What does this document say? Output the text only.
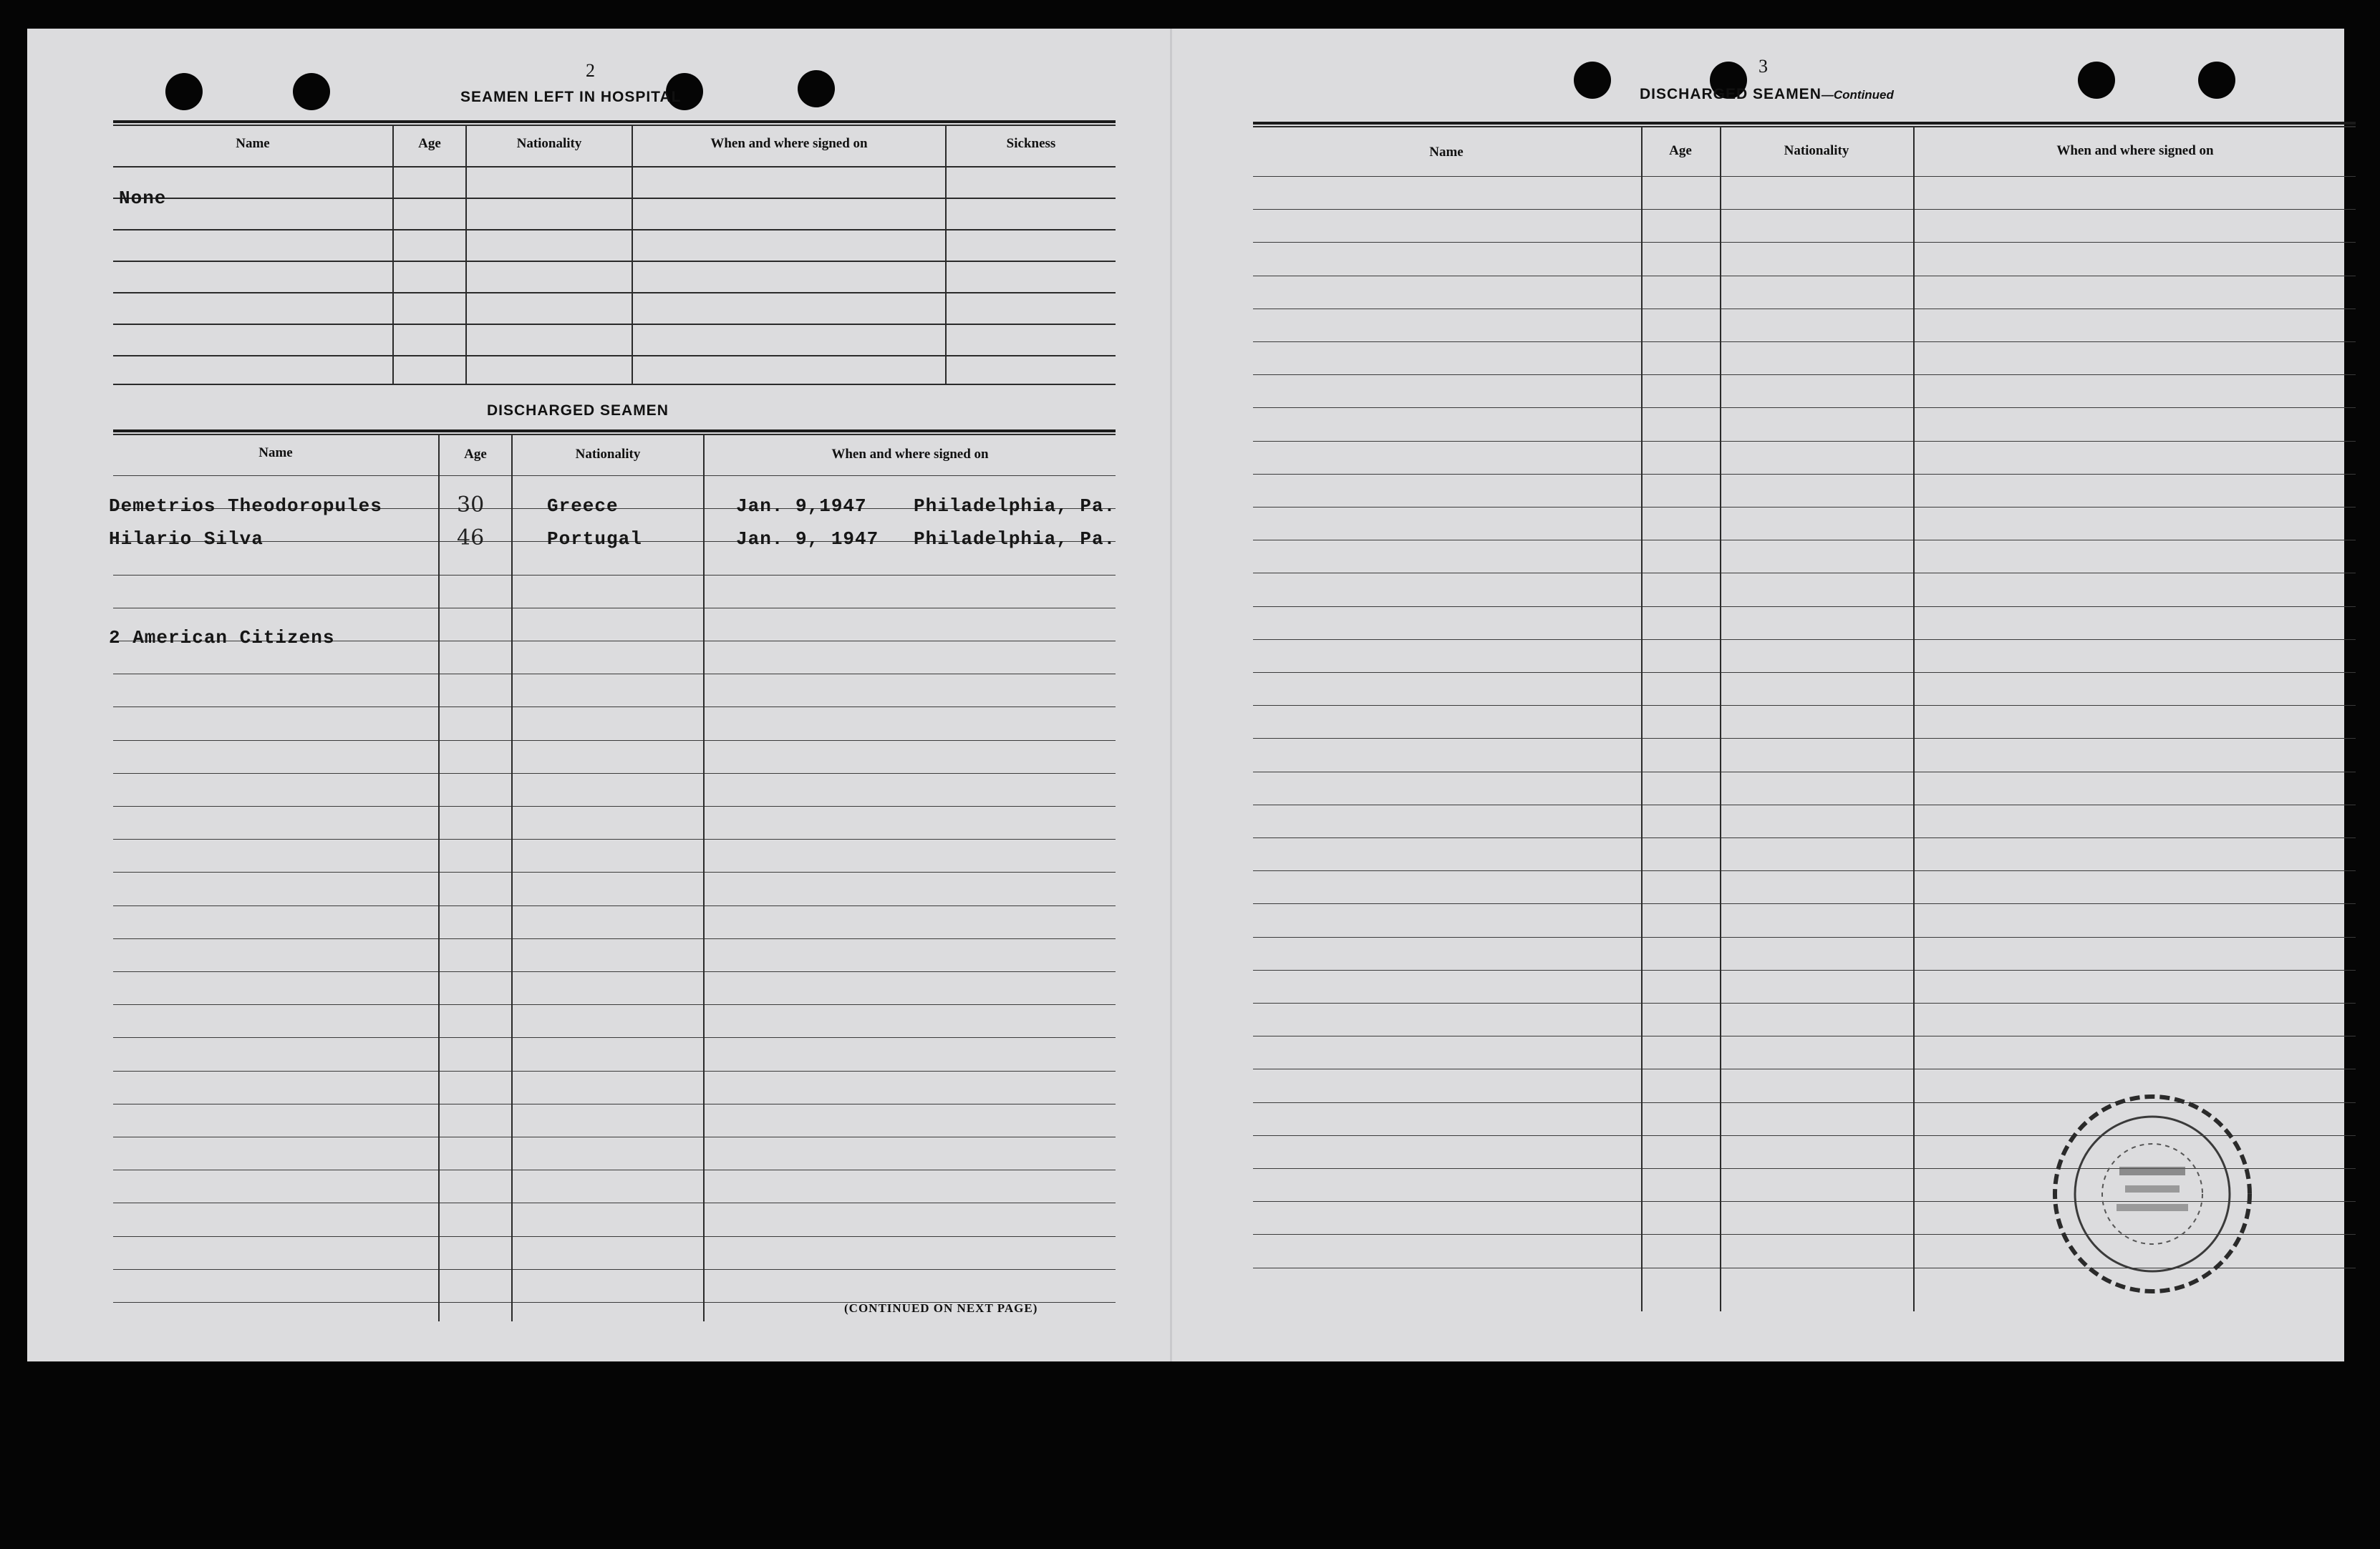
2
SEAMEN LEFT IN HOSPITAL
Name	Age	Nationality	When and where signed on	Sickness
None
DISCHARGED SEAMEN
Name	Age	Nationality	When and where signed on
Demetrios Theodoropules	30	Greece	Jan. 9,1947	Philadelphia, Pa.
Hilario Silva	46	Portugal	Jan. 9, 1947 Philadelphia, Pa.
2 American Citizens
(CONTINUED ON NEXT PAGE)
3
DISCHARGED SEAMEN—Continued
Name	Age	Nationality	When and where signed on
